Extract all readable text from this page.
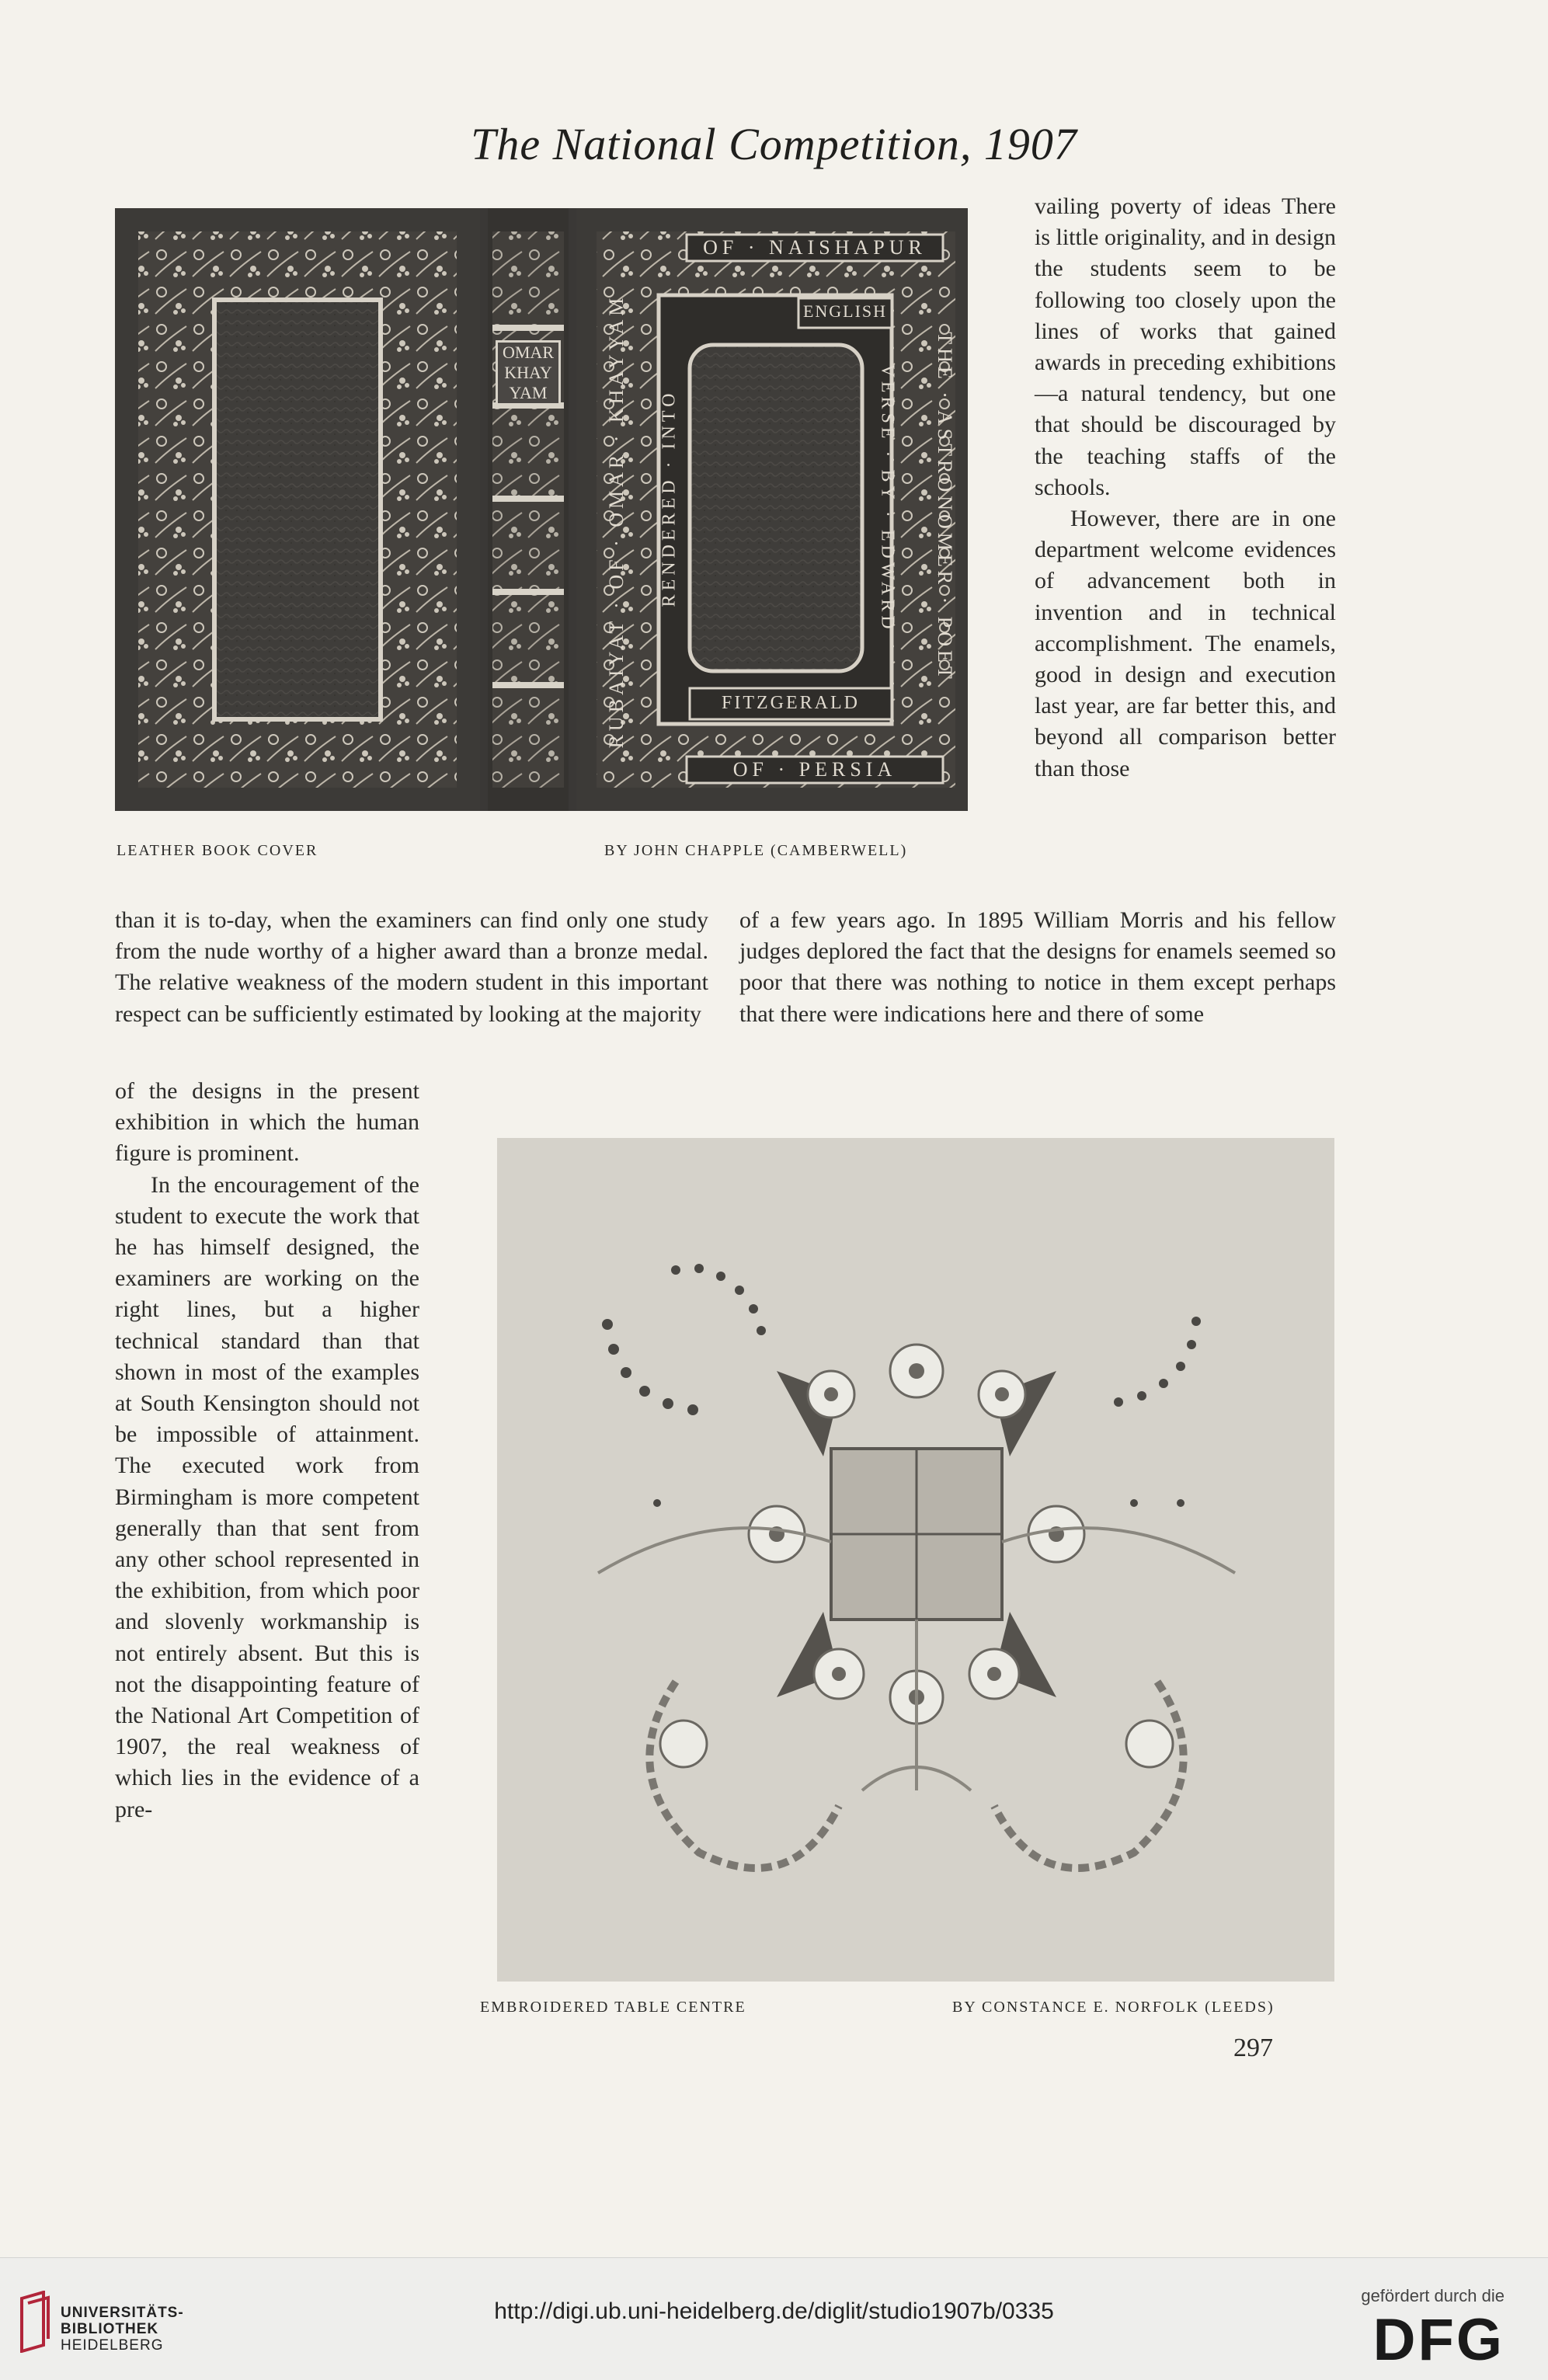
The National Competition, 1907
OMAR
KHAY
YAM
OF · NAISHAPUR
OF · PERSIA
ENGLISH
FITZGERALD
RUBAIYAT · OF · OMAR · KHAYYAM RENDERED · INTO	VERSE · BY · EDWARD THE · ASTRONOMER · POET
LEATHER BOOK COVER	BY JOHN CHAPPLE (CAMBERWELL)

vailing poverty of ideas There is little originality, and in design the students seem to be following too closely upon the lines of works that gained awards in preceding exhibitions —a natural tendency, but one that should be discouraged by the teaching staffs of the schools.

However, there are in one department welcome evidences of advancement both in invention and in technical accomplishment. The enamels, good in design and execution last year, are far better this, and beyond all comparison better than those

than it is to-day, when the examiners can find only one study from the nude worthy of a higher award than a bronze medal. The relative weakness of the modern student in this important respect can be sufficiently estimated by looking at the majority

of a few years ago. In 1895 William Morris and his fellow judges deplored the fact that the designs for enamels seemed so poor that there was nothing to notice in them except perhaps that there were indications here and there of some

of the designs in the present exhibition in which the human figure is prominent.

In the encouragement of the student to execute the work that he has himself designed, the examiners are working on the right lines, but a higher technical standard than that shown in most of the examples at South Kensington should not be impossible of attainment. The executed work from Birmingham is more competent generally than that sent from any other school represented in the exhibition, from which poor and slovenly workmanship is not entirely absent. But this is not the disappointing feature of the National Art Competition of 1907, the real weakness of which lies in the evidence of a pre-

EMBROIDERED TABLE CENTRE	BY CONSTANCE E. NORFOLK (LEEDS)
297
UNIVERSITÄTS-
BIBLIOTHEK
HEIDELBERG
http://digi.ub.uni-heidelberg.de/diglit/studio1907b/0335
gefördert durch die
DFG
